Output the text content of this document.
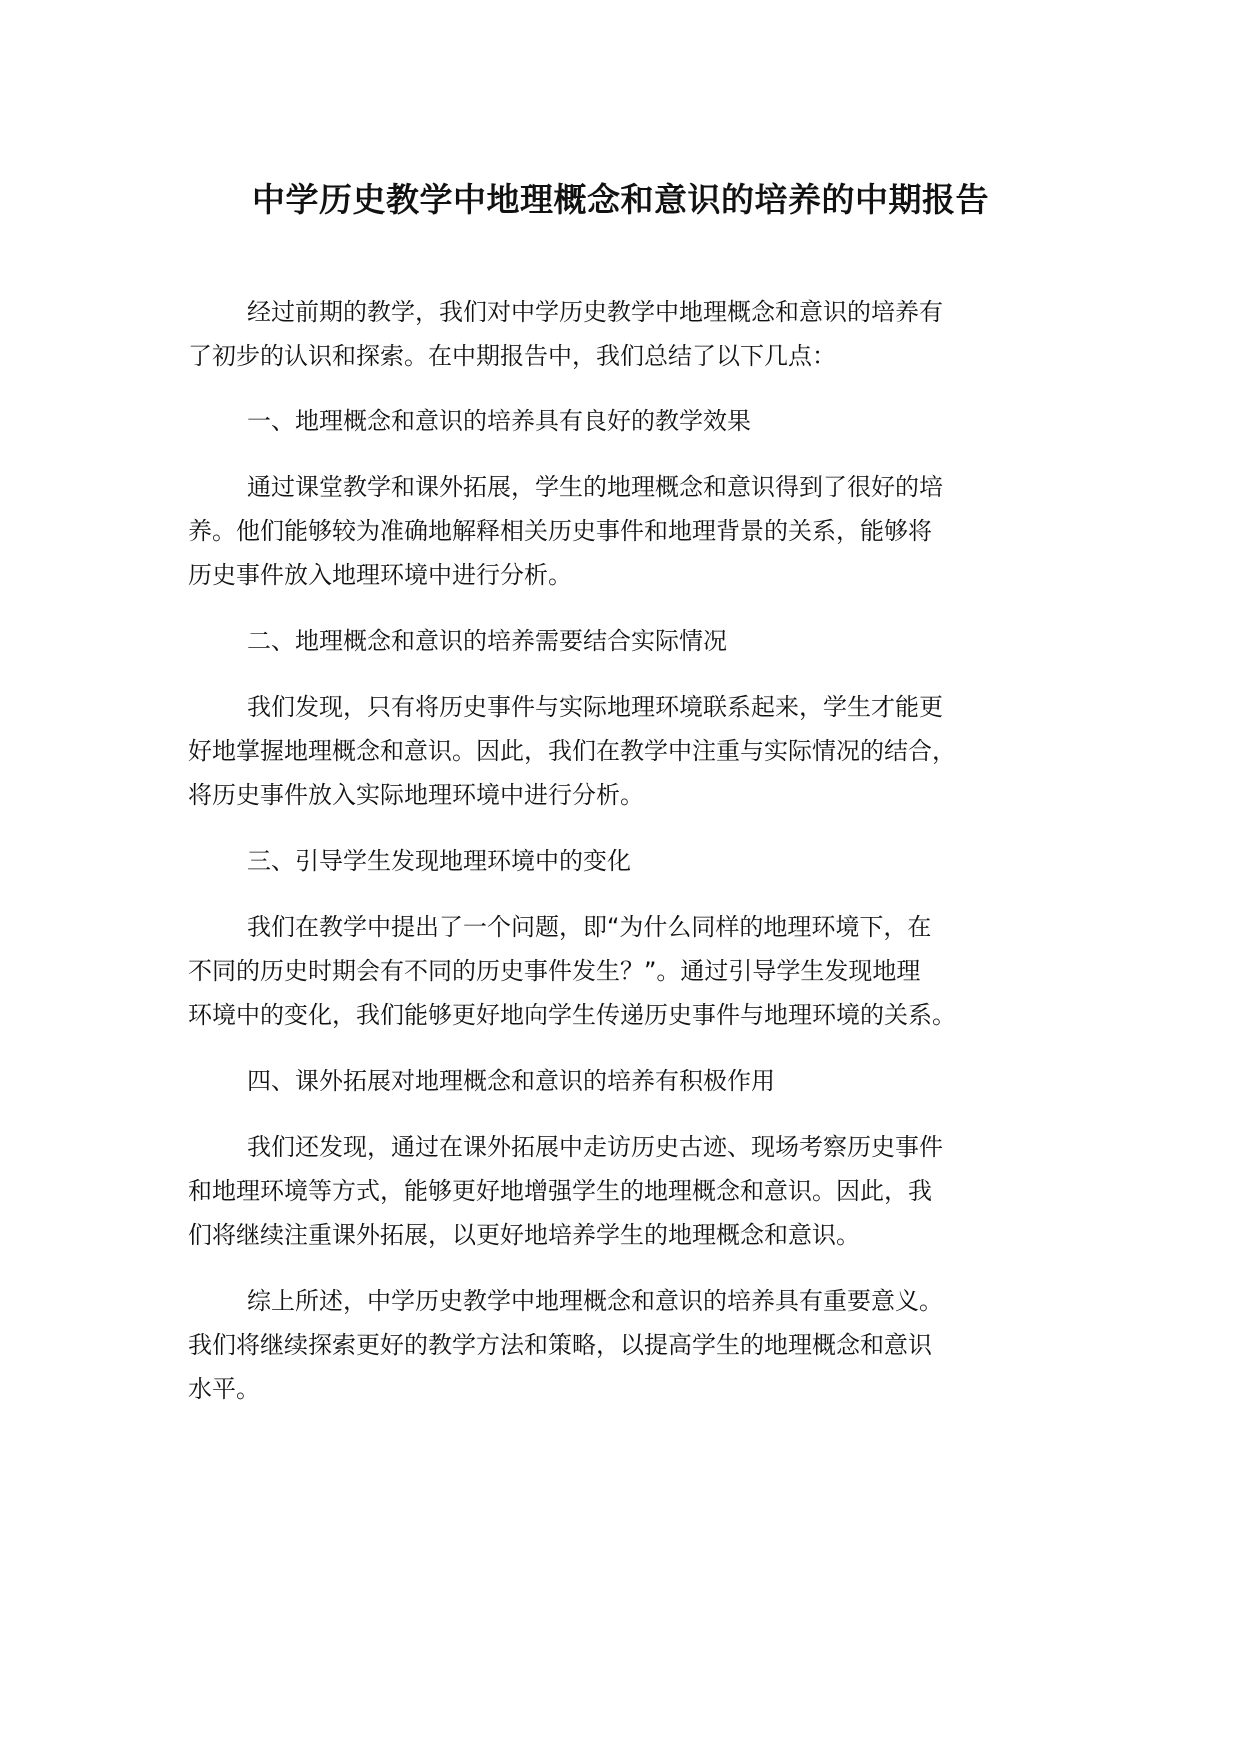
中学历史教学中地理概念和意识的培养的中期报告
经过前期的教学，我们对中学历史教学中地理概念和意识的培养有
了初步的认识和探索。在中期报告中，我们总结了以下几点：
一、地理概念和意识的培养具有良好的教学效果
通过课堂教学和课外拓展，学生的地理概念和意识得到了很好的培
养。他们能够较为准确地解释相关历史事件和地理背景的关系，能够将
历史事件放入地理环境中进行分析。
二、地理概念和意识的培养需要结合实际情况
我们发现，只有将历史事件与实际地理环境联系起来，学生才能更
好地掌握地理概念和意识。因此，我们在教学中注重与实际情况的结合，
将历史事件放入实际地理环境中进行分析。
三、引导学生发现地理环境中的变化
我们在教学中提出了一个问题，即“为什么同样的地理环境下，在
不同的历史时期会有不同的历史事件发生？”。通过引导学生发现地理
环境中的变化，我们能够更好地向学生传递历史事件与地理环境的关系。
四、课外拓展对地理概念和意识的培养有积极作用
我们还发现，通过在课外拓展中走访历史古迹、现场考察历史事件
和地理环境等方式，能够更好地增强学生的地理概念和意识。因此，我
们将继续注重课外拓展，以更好地培养学生的地理概念和意识。
综上所述，中学历史教学中地理概念和意识的培养具有重要意义。
我们将继续探索更好的教学方法和策略，以提高学生的地理概念和意识
水平。
